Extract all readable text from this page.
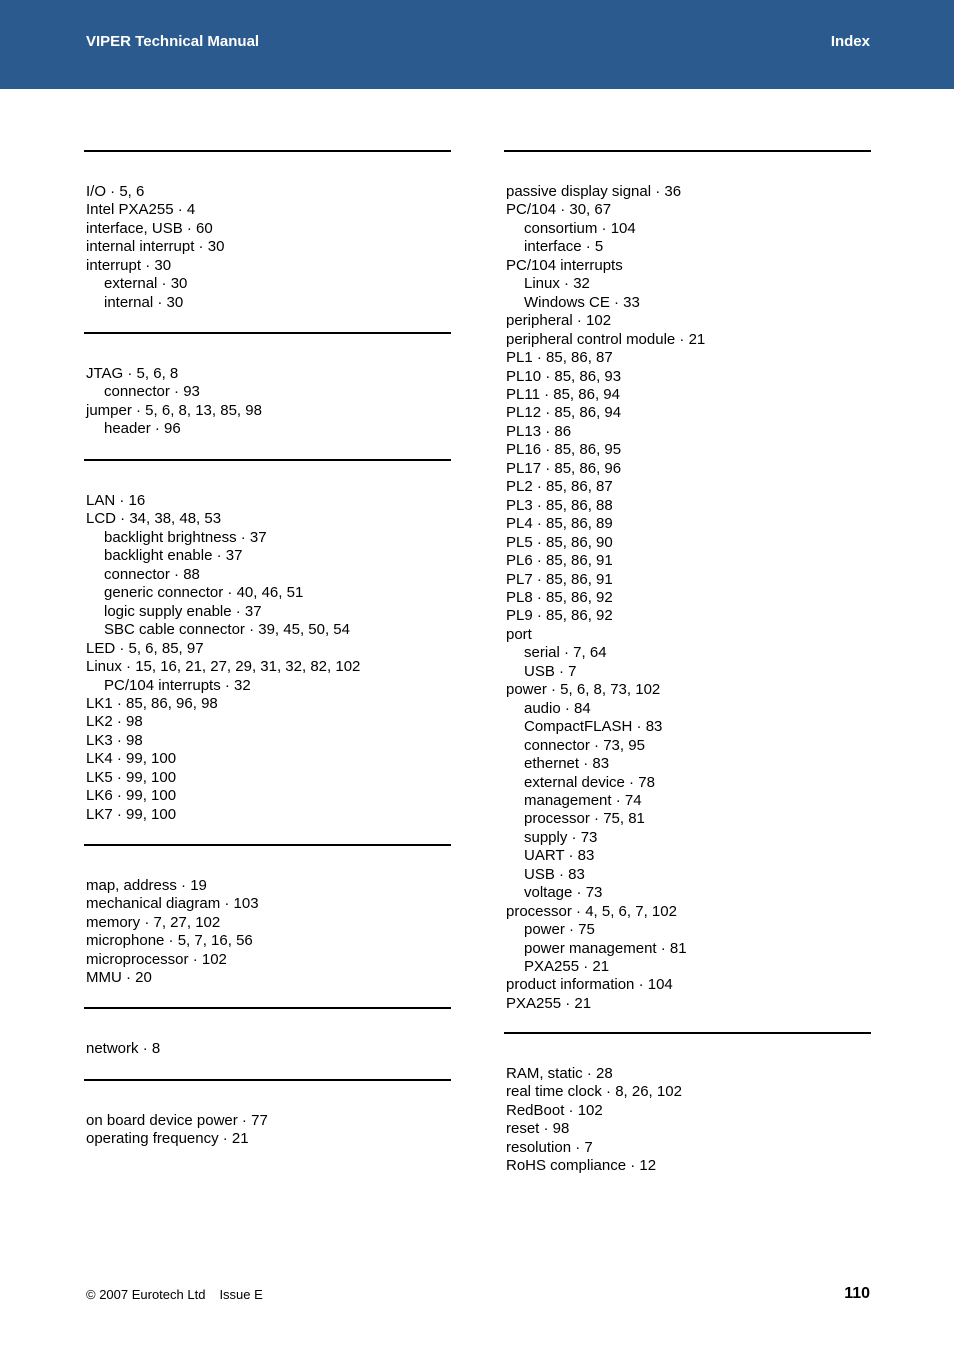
VIPER Technical Manual	Index
I/O · 5, 6
Intel PXA255 · 4
interface, USB · 60
internal interrupt · 30
interrupt · 30
external · 30
internal · 30
JTAG · 5, 6, 8
connector · 93
jumper · 5, 6, 8, 13, 85, 98
header · 96
LAN · 16
LCD · 34, 38, 48, 53
backlight brightness · 37
backlight enable · 37
connector · 88
generic connector · 40, 46, 51
logic supply enable · 37
SBC cable connector · 39, 45, 50, 54
LED · 5, 6, 85, 97
Linux · 15, 16, 21, 27, 29, 31, 32, 82, 102
PC/104 interrupts · 32
LK1 · 85, 86, 96, 98
LK2 · 98
LK3 · 98
LK4 · 99, 100
LK5 · 99, 100
LK6 · 99, 100
LK7 · 99, 100
map, address · 19
mechanical diagram · 103
memory · 7, 27, 102
microphone · 5, 7, 16, 56
microprocessor · 102
MMU · 20
network · 8
on board device power · 77
operating frequency · 21
passive display signal · 36
PC/104 · 30, 67
consortium · 104
interface · 5
PC/104 interrupts
Linux · 32
Windows CE · 33
peripheral · 102
peripheral control module · 21
PL1 · 85, 86, 87
PL10 · 85, 86, 93
PL11 · 85, 86, 94
PL12 · 85, 86, 94
PL13 · 86
PL16 · 85, 86, 95
PL17 · 85, 86, 96
PL2 · 85, 86, 87
PL3 · 85, 86, 88
PL4 · 85, 86, 89
PL5 · 85, 86, 90
PL6 · 85, 86, 91
PL7 · 85, 86, 91
PL8 · 85, 86, 92
PL9 · 85, 86, 92
port
serial · 7, 64
USB · 7
power · 5, 6, 8, 73, 102
audio · 84
CompactFLASH · 83
connector · 73, 95
ethernet · 83
external device · 78
management · 74
processor · 75, 81
supply · 73
UART · 83
USB · 83
voltage · 73
processor · 4, 5, 6, 7, 102
power · 75
power management · 81
PXA255 · 21
product information · 104
PXA255 · 21
RAM, static · 28
real time clock · 8, 26, 102
RedBoot · 102
reset · 98
resolution · 7
RoHS compliance · 12
© 2007 Eurotech Ltd Issue E	110
